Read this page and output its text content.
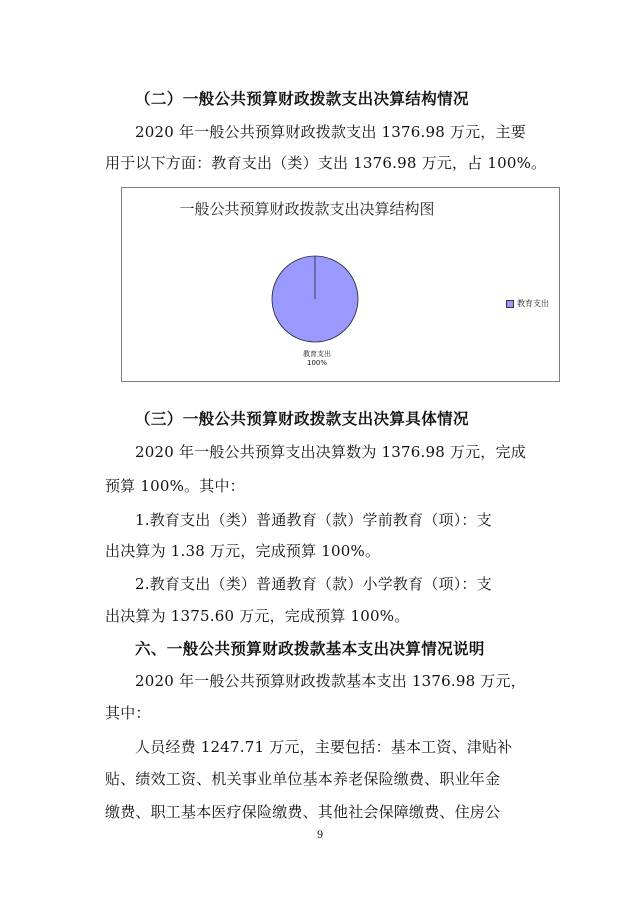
（二）一般公共预算财政拨款支出决算结构情况
2020 年一般公共预算财政拨款支出 1376.98 万元，主要
用于以下方面：教育支出（类）支出 1376.98 万元，占 100%。
一般公共预算财政拨款支出决算结构图
教育支出
100%
教育支出
（三）一般公共预算财政拨款支出决算具体情况
2020 年一般公共预算支出决算数为 1376.98 万元，完成
预算 100%。其中：
1.教育支出（类）普通教育（款）学前教育（项）：支
出决算为 1.38 万元，完成预算 100%。
2.教育支出（类）普通教育（款）小学教育（项）：支
出决算为 1375.60 万元，完成预算 100%。
六、一般公共预算财政拨款基本支出决算情况说明
2020 年一般公共预算财政拨款基本支出 1376.98 万元，
其中：
人员经费 1247.71 万元，主要包括：基本工资、津贴补
贴、绩效工资、机关事业单位基本养老保险缴费、职业年金
缴费、职工基本医疗保险缴费、其他社会保障缴费、住房公
9
